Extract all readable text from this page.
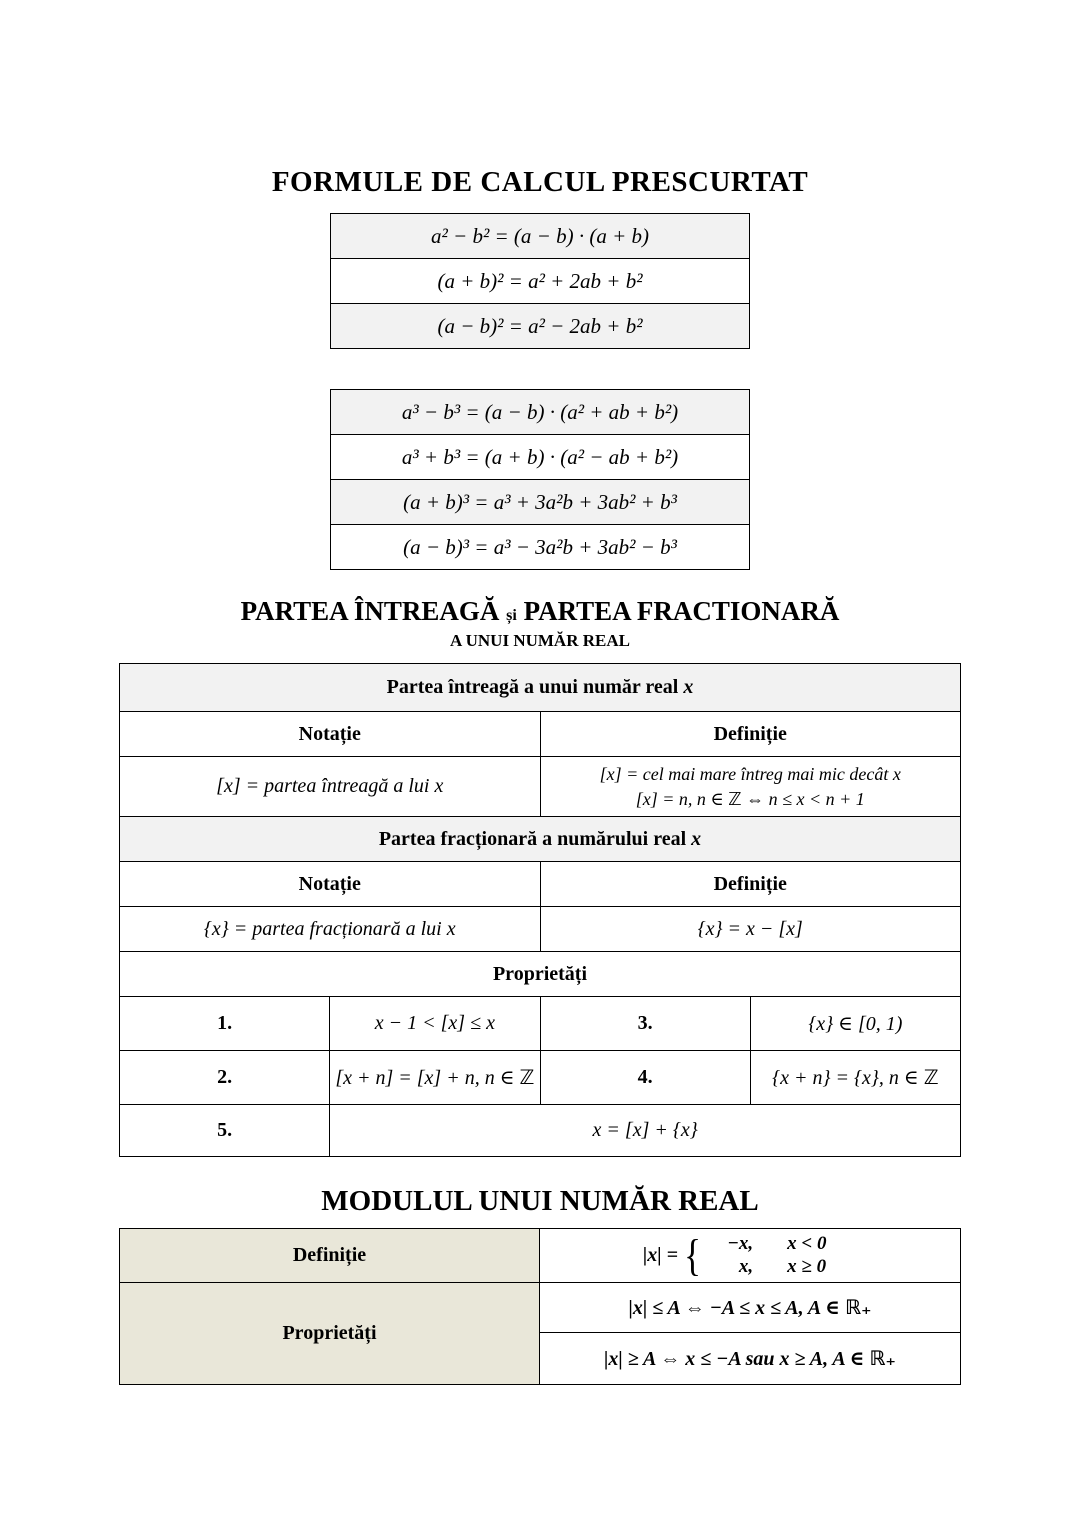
FORMULE DE CALCUL PRESCURTAT
a² − b² = (a − b) · (a + b)
(a + b)² = a² + 2ab + b²
(a − b)² = a² − 2ab + b²
a³ − b³ = (a − b) · (a² + ab + b²)
a³ + b³ = (a + b) · (a² − ab + b²)
(a + b)³ = a³ + 3a²b + 3ab² + b³
(a − b)³ = a³ − 3a²b + 3ab² − b³
PARTEA ÎNTREAGĂ și PARTEA FRACTIONARĂ
A UNUI NUMĂR REAL
Partea întreagă a unui număr real x			
Notație		Definiție	
[x] = partea întreagă a lui x		[x] = cel mai mare întreg mai mic decât x
[x] = n, n ∈ ℤ ⇔ n ≤ x < n + 1	

Partea fracționară a numărului real x			
Notație		Definiție	
{x} = partea fracționară a lui x		{x} = x − [x]	
Proprietăți			
1.	x − 1 < [x] ≤ x	3.	{x} ∈ [0, 1)
2.	[x + n] = [x] + n, n ∈ ℤ	4.	{x + n} = {x}, n ∈ ℤ
5.	x = [x] + {x}		
MODULUL UNUI NUMĂR REAL
Definiție	|x| = {	−x, x < 0
x, x ≥ 0

Proprietăți	|x| ≤ A ⇔ −A ≤ x ≤ A, A ∈ ℝ₊
	|x| ≥ A ⇔ x ≤ −A sau x ≥ A, A ∈ ℝ₊
